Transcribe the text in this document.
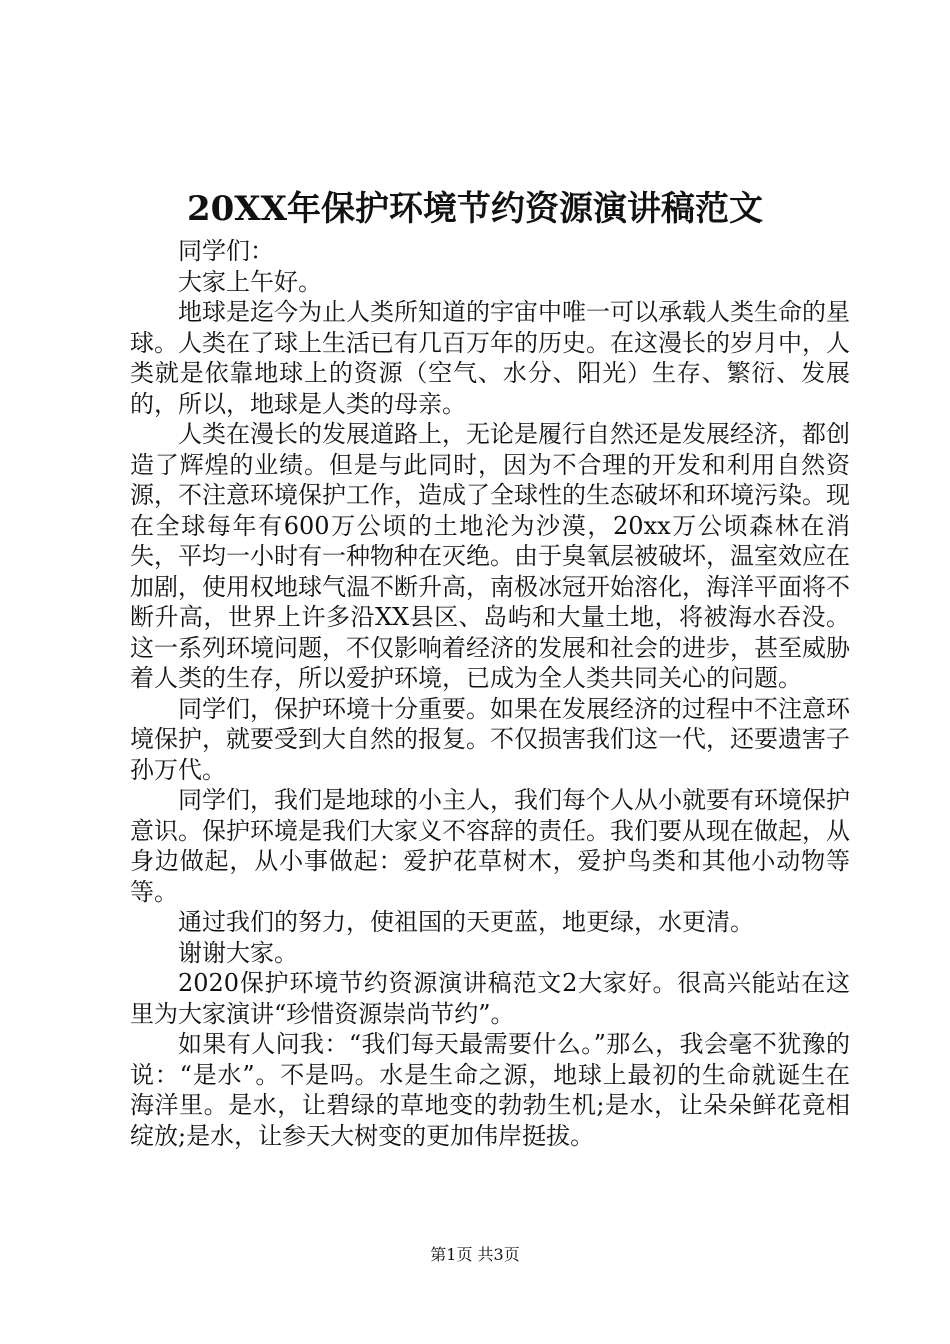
20XX年保护环境节约资源演讲稿范文

同学们：

大家上午好。

地球是迄今为止人类所知道的宇宙中唯一可以承载人类生命的星球。人类在了球上生活已有几百万年的历史。在这漫长的岁月中，人类就是依靠地球上的资源（空气、水分、阳光）生存、繁衍、发展的，所以，地球是人类的母亲。

人类在漫长的发展道路上，无论是履行自然还是发展经济，都创造了辉煌的业绩。但是与此同时，因为不合理的开发和利用自然资源，不注意环境保护工作，造成了全球性的生态破坏和环境污染。现在全球每年有600万公顷的土地沦为沙漠，20xx万公顷森林在消失，平均一小时有一种物种在灭绝。由于臭氧层被破坏，温室效应在加剧，使用权地球气温不断升高，南极冰冠开始溶化，海洋平面将不断升高，世界上许多沿XX县区、岛屿和大量土地，将被海水吞没。这一系列环境问题，不仅影响着经济的发展和社会的进步，甚至威胁着人类的生存，所以爱护环境，已成为全人类共同关心的问题。

同学们，保护环境十分重要。如果在发展经济的过程中不注意环境保护，就要受到大自然的报复。不仅损害我们这一代，还要遗害子孙万代。

同学们，我们是地球的小主人，我们每个人从小就要有环境保护意识。保护环境是我们大家义不容辞的责任。我们要从现在做起，从身边做起，从小事做起：爱护花草树木，爱护鸟类和其他小动物等等。

通过我们的努力，使祖国的天更蓝，地更绿，水更清。

谢谢大家。

2020保护环境节约资源演讲稿范文2大家好。很高兴能站在这里为大家演讲“珍惜资源崇尚节约”。

如果有人问我：“我们每天最需要什么。”那么，我会毫不犹豫的说：“是水”。不是吗。水是生命之源，地球上最初的生命就诞生在海洋里。是水，让碧绿的草地变的勃勃生机;是水，让朵朵鲜花竟相绽放;是水，让参天大树变的更加伟岸挺拔。

第1页 共3页
